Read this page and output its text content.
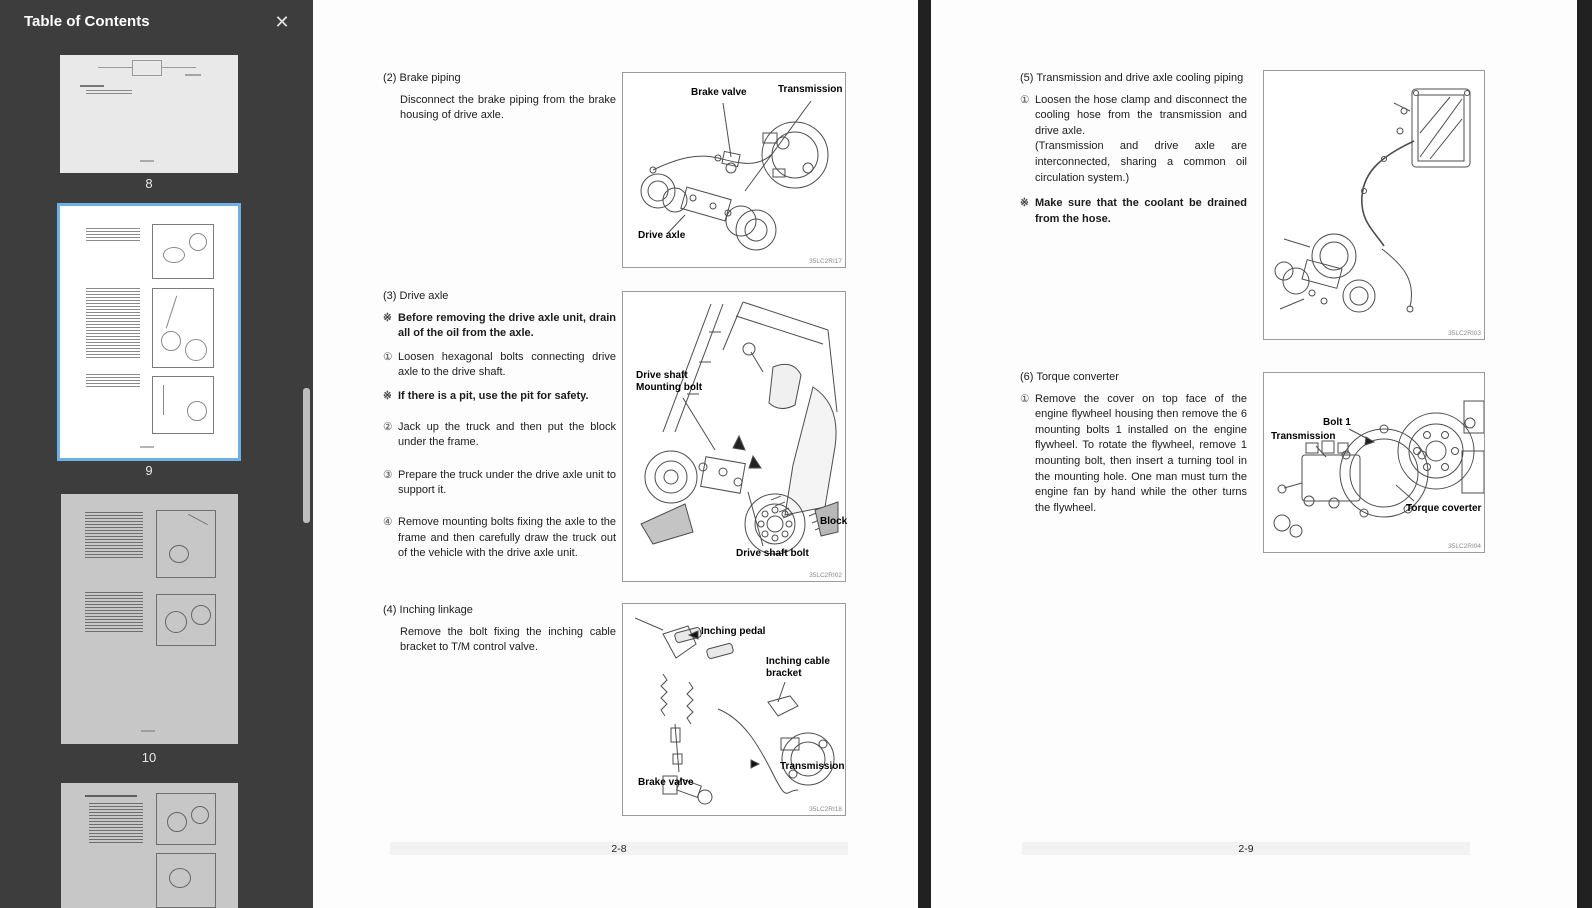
Table of Contents	✕
8
9
10
(2) Brake piping
Disconnect the brake piping from the brake housing of drive axle.
Brake valve	Transmission
Drive axle
35LC2RI17
(3) Drive axle
※ Before removing the drive axle unit, drain all of the oil from the axle.
① Loosen hexagonal bolts connecting drive axle to the drive shaft.
※ If there is a pit, use the pit for safety.
② Jack up the truck and then put the block under the frame.
③ Prepare the truck under the drive axle unit to support it.
④ Remove mounting bolts fixing the axle to the frame and then carefully draw the truck out of the vehicle with the drive axle unit.
Drive shaft
Mounting bolt
Block
Drive shaft bolt
35LC2RI02
(4) Inching linkage
Remove the bolt fixing the inching cable bracket to T/M control valve.
Inching pedal
Inching cable
bracket
Transmission
Brake valve
35LC2RI18
2-8
(5) Transmission and drive axle cooling piping
① Loosen the hose clamp and disconnect the cooling hose from the transmission and drive axle.
(Transmission and drive axle are interconnected, sharing a common oil circulation system.)
※ Make sure that the coolant be drained from the hose.
35LC2RI03
(6) Torque converter
① Remove the cover on top face of the engine flywheel housing then remove the 6 mounting bolts 1 installed on the engine flywheel. To rotate the flywheel, remove 1 mounting bolt, then insert a turning tool in the mounting hole. One man must turn the engine fan by hand while the other turns the flywheel.
Bolt 1
Transmission
Torque coverter
35LC2RI04
2-9
